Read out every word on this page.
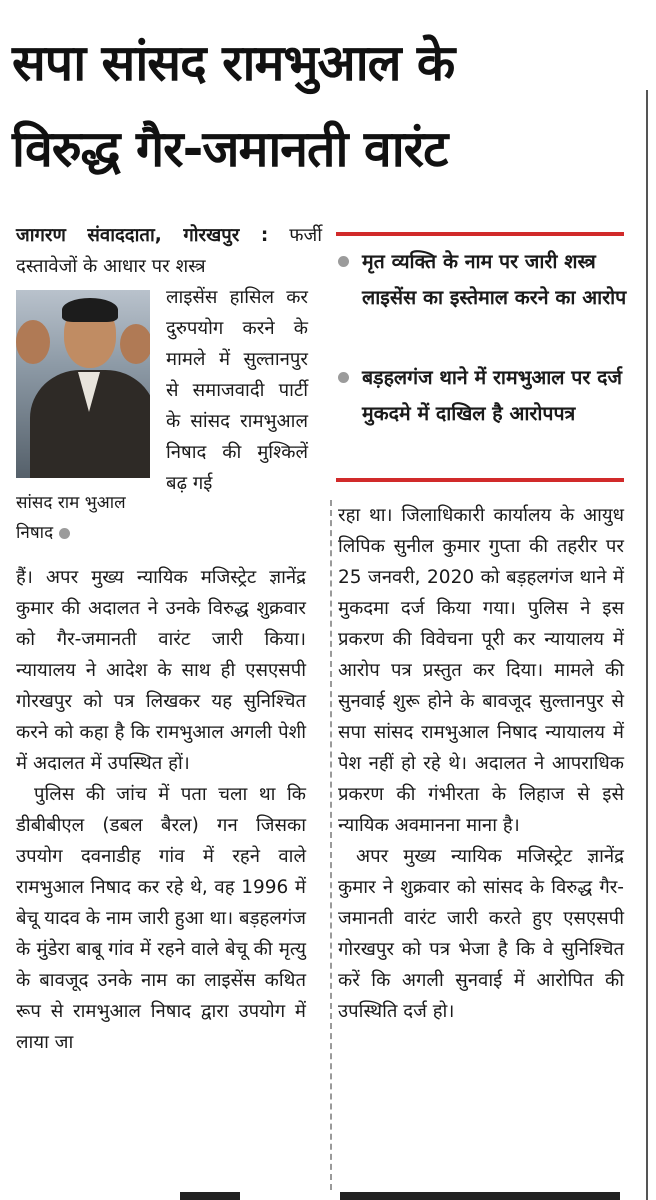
सपा सांसद रामभुआल के
विरुद्ध गैर-जमानती वारंट

जागरण संवाददाता, गोरखपुर : फर्जी दस्तावेजों के आधार पर शस्त्र

लाइसेंस हासिल कर दुरुपयोग करने के मामले में सुल्तानपुर से समाजवादी पार्टी के सांसद रामभुआल निषाद की मुश्किलें बढ़ गई

सांसद राम भुआल निषाद

हैं। अपर मुख्य न्यायिक मजिस्ट्रेट ज्ञानेंद्र कुमार की अदालत ने उनके विरुद्ध शुक्रवार को गैर-जमानती वारंट जारी किया। न्यायालय ने आदेश के साथ ही एसएसपी गोरखपुर को पत्र लिखकर यह सुनिश्चित करने को कहा है कि रामभुआल अगली पेशी में अदालत में उपस्थित हों।

पुलिस की जांच में पता चला था कि डीबीबीएल (डबल बैरल) गन जिसका उपयोग दवनाडीह गांव में रहने वाले रामभुआल निषाद कर रहे थे, वह 1996 में बेचू यादव के नाम जारी हुआ था। बड़हलगंज के मुंडेरा बाबू गांव में रहने वाले बेचू की मृत्यु के बावजूद उनके नाम का लाइसेंस कथित रूप से रामभुआल निषाद द्वारा उपयोग में लाया जा

मृत व्यक्ति के नाम पर जारी शस्त्र लाइसेंस का इस्तेमाल करने का आरोप
बड़हलगंज थाने में रामभुआल पर दर्ज मुकदमे में दाखिल है आरोपपत्र

रहा था। जिलाधिकारी कार्यालय के आयुध लिपिक सुनील कुमार गुप्ता की तहरीर पर 25 जनवरी, 2020 को बड़हलगंज थाने में मुकदमा दर्ज किया गया। पुलिस ने इस प्रकरण की विवेचना पूरी कर न्यायालय में आरोप पत्र प्रस्तुत कर दिया। मामले की सुनवाई शुरू होने के बावजूद सुल्तानपुर से सपा सांसद रामभुआल निषाद न्यायालय में पेश नहीं हो रहे थे। अदालत ने आपराधिक प्रकरण की गंभीरता के लिहाज से इसे न्यायिक अवमानना माना है।

अपर मुख्य न्यायिक मजिस्ट्रेट ज्ञानेंद्र कुमार ने शुक्रवार को सांसद के विरुद्ध गैर-जमानती वारंट जारी करते हुए एसएसपी गोरखपुर को पत्र भेजा है कि वे सुनिश्चित करें कि अगली सुनवाई में आरोपित की उपस्थिति दर्ज हो।
